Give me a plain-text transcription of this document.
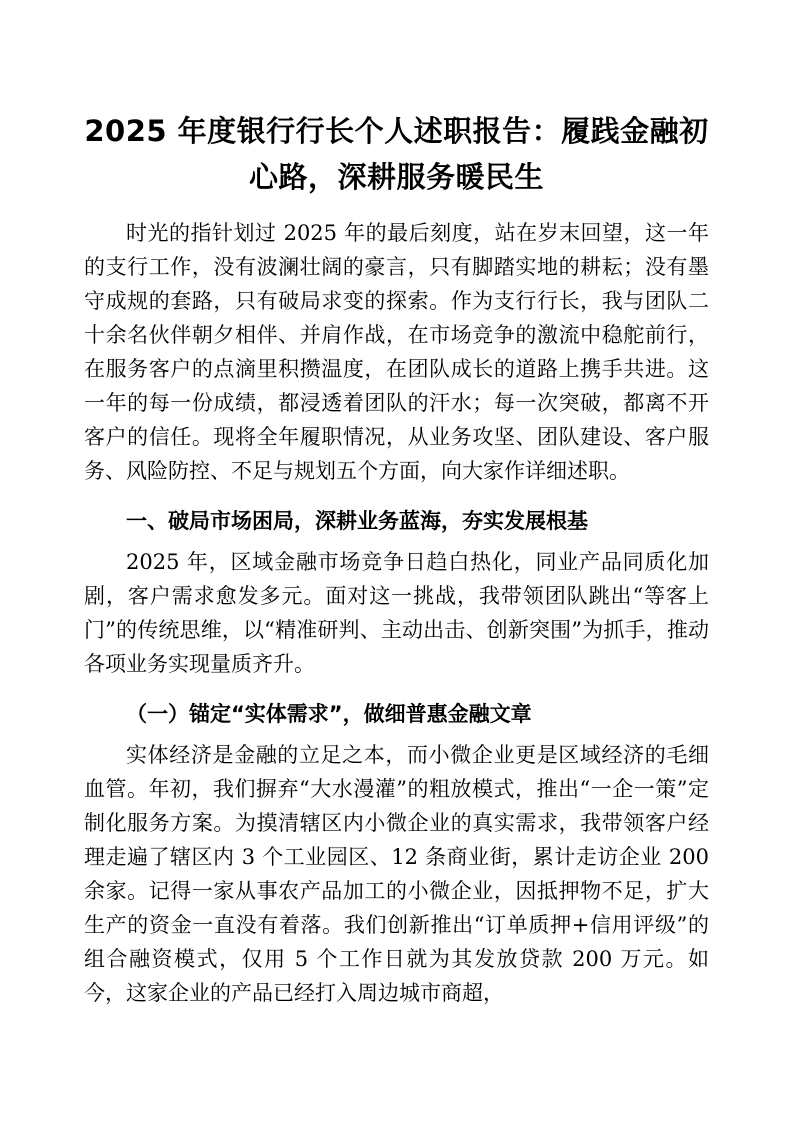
2025 年度银行行长个人述职报告：履践金融初心路，深耕服务暖民生

时光的指针划过 2025 年的最后刻度，站在岁末回望，这一年的支行工作，没有波澜壮阔的豪言，只有脚踏实地的耕耘；没有墨守成规的套路，只有破局求变的探索。作为支行行长，我与团队二十余名伙伴朝夕相伴、并肩作战，在市场竞争的激流中稳舵前行，在服务客户的点滴里积攒温度，在团队成长的道路上携手共进。这一年的每一份成绩，都浸透着团队的汗水；每一次突破，都离不开客户的信任。现将全年履职情况，从业务攻坚、团队建设、客户服务、风险防控、不足与规划五个方面，向大家作详细述职。

一、破局市场困局，深耕业务蓝海，夯实发展根基

2025 年，区域金融市场竞争日趋白热化，同业产品同质化加剧，客户需求愈发多元。面对这一挑战，我带领团队跳出“等客上门”的传统思维，以“精准研判、主动出击、创新突围”为抓手，推动各项业务实现量质齐升。

（一）锚定“实体需求”，做细普惠金融文章

实体经济是金融的立足之本，而小微企业更是区域经济的毛细血管。年初，我们摒弃“大水漫灌”的粗放模式，推出“一企一策”定制化服务方案。为摸清辖区内小微企业的真实需求，我带领客户经理走遍了辖区内 3 个工业园区、12 条商业街，累计走访企业 200 余家。记得一家从事农产品加工的小微企业，因抵押物不足，扩大生产的资金一直没有着落。我们创新推出“订单质押+信用评级”的组合融资模式，仅用 5 个工作日就为其发放贷款 200 万元。如今，这家企业的产品已经打入周边城市商超，
